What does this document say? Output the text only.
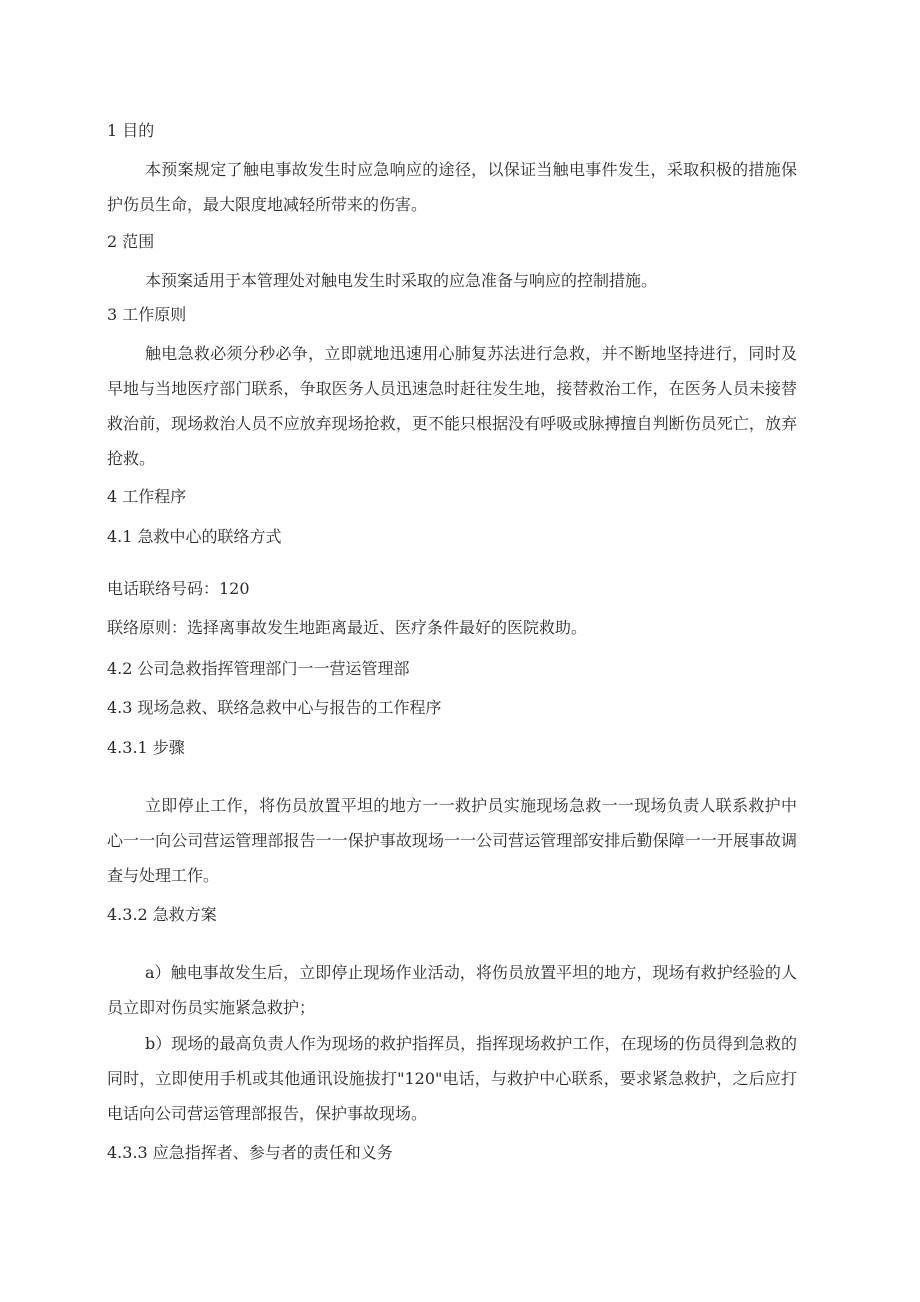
1 目的

本预案规定了触电事故发生时应急响应的途径，以保证当触电事件发生，采取积极的措施保护伤员生命，最大限度地减轻所带来的伤害。

2 范围

本预案适用于本管理处对触电发生时采取的应急准备与响应的控制措施。

3 工作原则

触电急救必须分秒必争，立即就地迅速用心肺复苏法进行急救，并不断地坚持进行，同时及早地与当地医疗部门联系，争取医务人员迅速急时赶往发生地，接替救治工作，在医务人员未接替救治前，现场救治人员不应放弃现场抢救，更不能只根据没有呼吸或脉搏擅自判断伤员死亡，放弃抢救。

4 工作程序
4.1 急救中心的联络方式

电话联络号码：120

联络原则：选择离事故发生地距离最近、医疗条件最好的医院救助。

4.2 公司急救指挥管理部门一一营运管理部
4.3 现场急救、联络急救中心与报告的工作程序
4.3.1 步骤

立即停止工作，将伤员放置平坦的地方一一救护员实施现场急救一一现场负责人联系救护中心一一向公司营运管理部报告一一保护事故现场一一公司营运管理部安排后勤保障一一开展事故调查与处理工作。

4.3.2 急救方案

a）触电事故发生后，立即停止现场作业活动，将伤员放置平坦的地方，现场有救护经验的人员立即对伤员实施紧急救护；

b）现场的最高负责人作为现场的救护指挥员，指挥现场救护工作，在现场的伤员得到急救的同时，立即使用手机或其他通讯设施拔打"120"电话，与救护中心联系，要求紧急救护，之后应打电话向公司营运管理部报告，保护事故现场。

4.3.3 应急指挥者、参与者的责任和义务
